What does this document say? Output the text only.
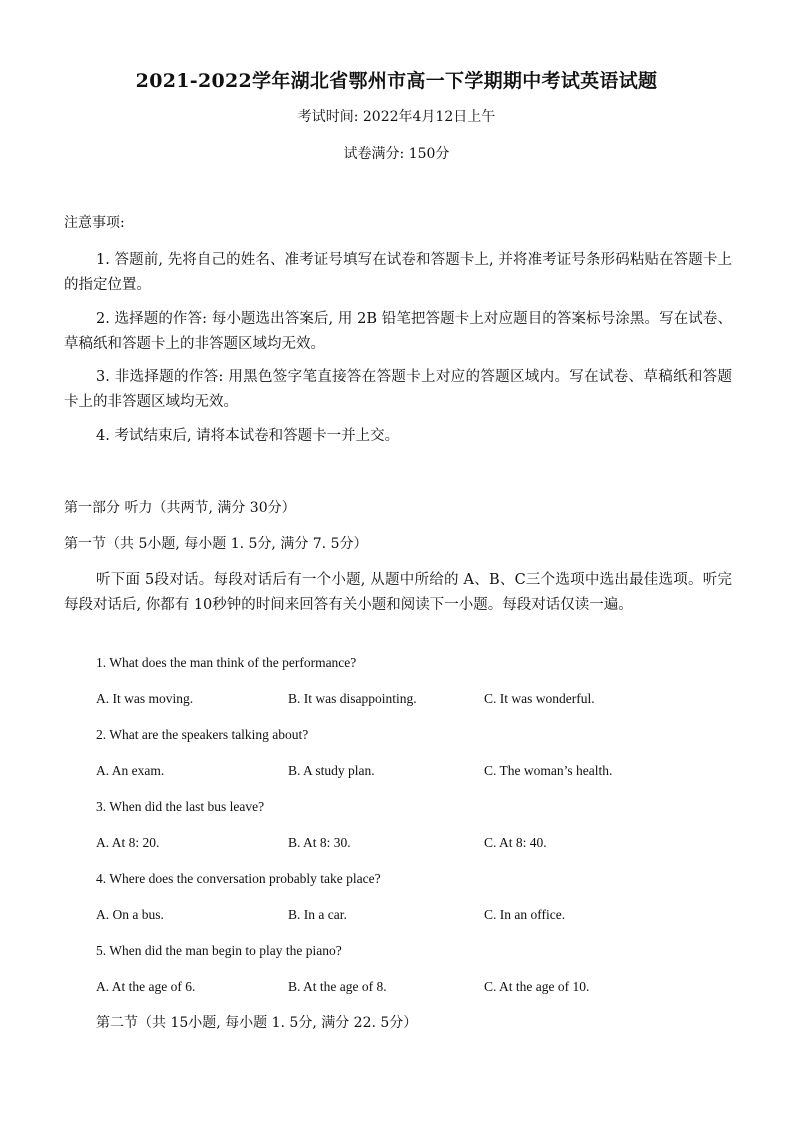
2021-2022学年湖北省鄂州市高一下学期期中考试英语试题
考试时间: 2022年4月12日上午
试卷满分: 150分
注意事项:
1. 答题前, 先将自己的姓名、准考证号填写在试卷和答题卡上, 并将准考证号条形码粘贴在答题卡上的指定位置。
2. 选择题的作答: 每小题选出答案后, 用 2B 铅笔把答题卡上对应题目的答案标号涂黑。写在试卷、草稿纸和答题卡上的非答题区域均无效。
3. 非选择题的作答: 用黑色签字笔直接答在答题卡上对应的答题区域内。写在试卷、草稿纸和答题卡上的非答题区域均无效。
4. 考试结束后, 请将本试卷和答题卡一并上交。
第一部分 听力（共两节, 满分 30分）
第一节（共 5小题, 每小题 1. 5分, 满分 7. 5分）
听下面 5段对话。每段对话后有一个小题, 从题中所给的 A、B、C三个选项中选出最佳选项。听完每段对话后, 你都有 10秒钟的时间来回答有关小题和阅读下一小题。每段对话仅读一遍。
1. What does the man think of the performance?
A. It was moving.	B. It was disappointing.	C. It was wonderful.
2. What are the speakers talking about?
A. An exam.	B. A study plan.	C. The woman’s health.
3. When did the last bus leave?
A. At 8: 20.	B. At 8: 30.	C. At 8: 40.
4. Where does the conversation probably take place?
A. On a bus.	B. In a car.	C. In an office.
5. When did the man begin to play the piano?
A. At the age of 6.	B. At the age of 8.	C. At the age of 10.
第二节（共 15小题, 每小题 1. 5分, 满分 22. 5分）
